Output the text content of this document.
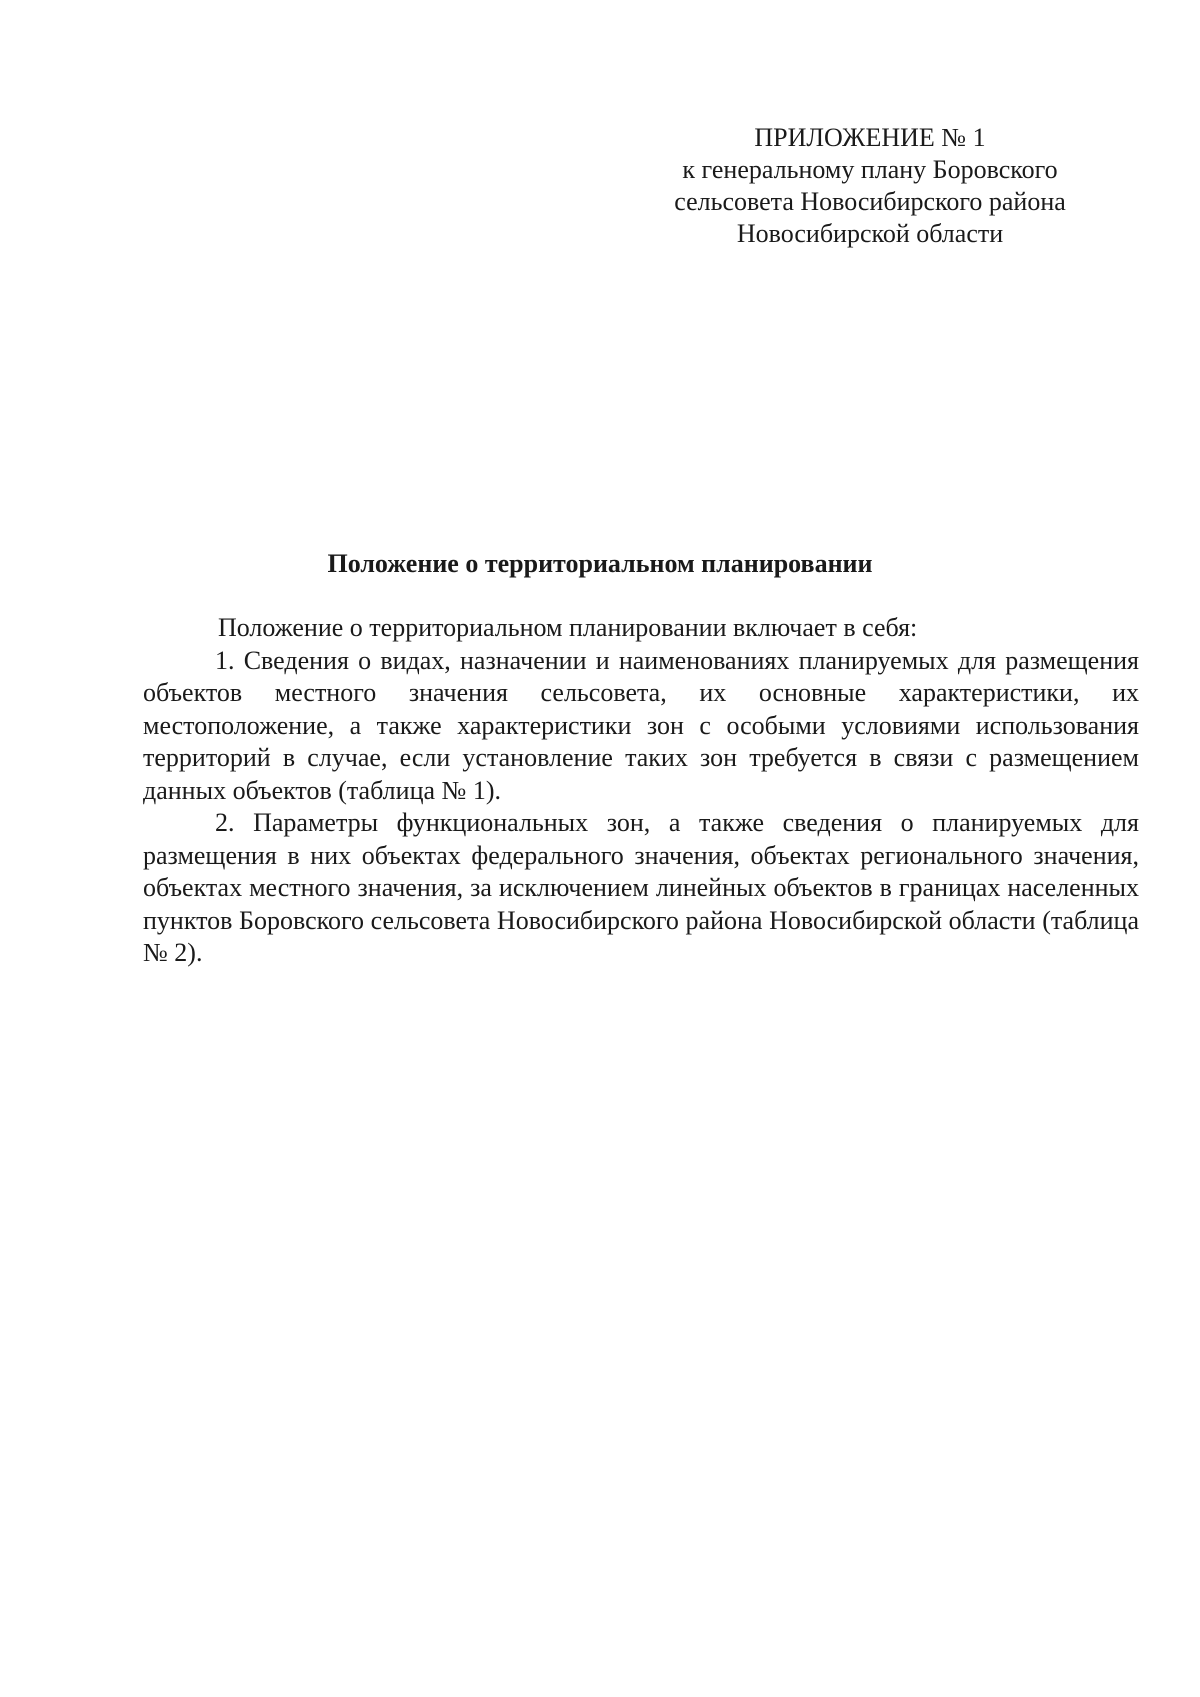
ПРИЛОЖЕНИЕ № 1
к генеральному плану Боровского
сельсовета Новосибирского района
Новосибирской области
Положение о территориальном планировании

Положение о территориальном планировании включает в себя:

1. Сведения о видах, назначении и наименованиях планируемых для размещения объектов местного значения сельсовета, их основные характеристики, их местоположение, а также характеристики зон с особыми условиями использования территорий в случае, если установление таких зон требуется в связи с размещением данных объектов (таблица № 1).

2. Параметры функциональных зон, а также сведения о планируемых для размещения в них объектах федерального значения, объектах регионального значения, объектах местного значения, за исключением линейных объектов в границах населенных пунктов Боровского сельсовета Новосибирского района Новосибирской области (таблица № 2).
